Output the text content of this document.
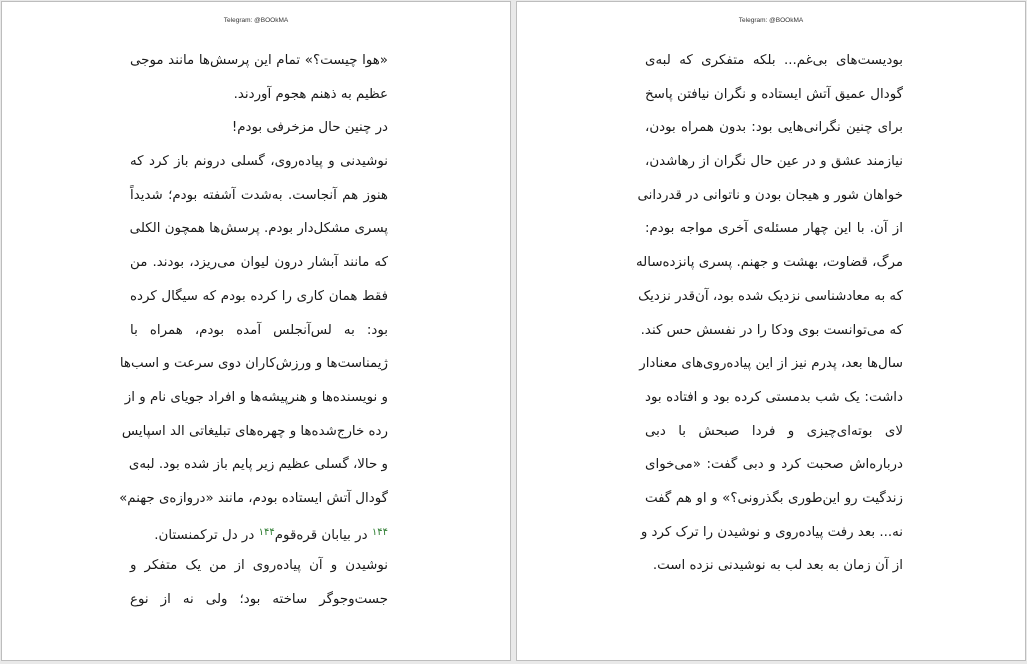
Telegram: @BOOkMA
«هوا چیست؟» تمام این پرسش‌ها مانند موجی
عظیم به ذهنم هجوم آوردند.
در چنین حال مزخرفی بودم!
نوشیدنی و پیاده‌روی، گسلی درونم باز کرد که
هنوز هم آنجاست. به‌شدت آشفته بودم؛ شدیداً
پسری مشکل‌دار بودم. پرسش‌ها همچون الکلی
که مانند آبشار درون لیوان می‌ریزد، بودند. من
فقط همان کاری را کرده بودم که سیگال کرده
بود: به لس‌آنجلس آمده بودم، همراه با
ژیمناست‌ها و ورزش‌کاران دوی سرعت و اسب‌ها
و نویسنده‌ها و هنرپیشه‌ها و افراد جویای نام و از
رده خارج‌شده‌ها و چهره‌های تبلیغاتی الد اسپایس
و حالا، گسلی عظیم زیر پایم باز شده بود. لبه‌ی
گودال آتش ایستاده بودم، مانند «دروازه‌ی جهنم»
$^{۱۴۴}$ در بیابان قره‌قوم$^{۱۴۴}$ در دل ترکمنستان.
نوشیدن و آن پیاده‌روی از من یک متفکر و
جست‌وجوگر ساخته بود؛ ولی نه از نوع
Telegram: @BOOkMA
بودیست‌های بی‌غم... بلکه متفکری که لبه‌ی
گودال عمیق آتش ایستاده و نگران نیافتن پاسخ
برای چنین نگرانی‌هایی بود: بدون همراه بودن،
نیازمند عشق و در عین حال نگران از رهاشدن،
خواهان شور و هیجان بودن و ناتوانی در قدردانی
از آن. با این چهار مسئله‌ی آخری مواجه بودم:
مرگ، قضاوت، بهشت و جهنم. پسری پانزده‌ساله
که به معادشناسی نزدیک شده بود، آن‌قدر نزدیک
که می‌توانست بوی ودکا را در نفسش حس کند.
سال‌ها بعد، پدرم نیز از این پیاده‌روی‌های معنادار
داشت: یک شب بدمستی کرده بود و افتاده بود
لای بوته‌ای‌چیزی و فردا صبحش با دبی
درباره‌اش صحبت کرد و دبی گفت: «می‌خوای
زندگیت رو این‌طوری بگذرونی؟» و او هم گفت
نه... بعد رفت پیاده‌روی و نوشیدن را ترک کرد و
از آن زمان به بعد لب به نوشیدنی نزده است.
